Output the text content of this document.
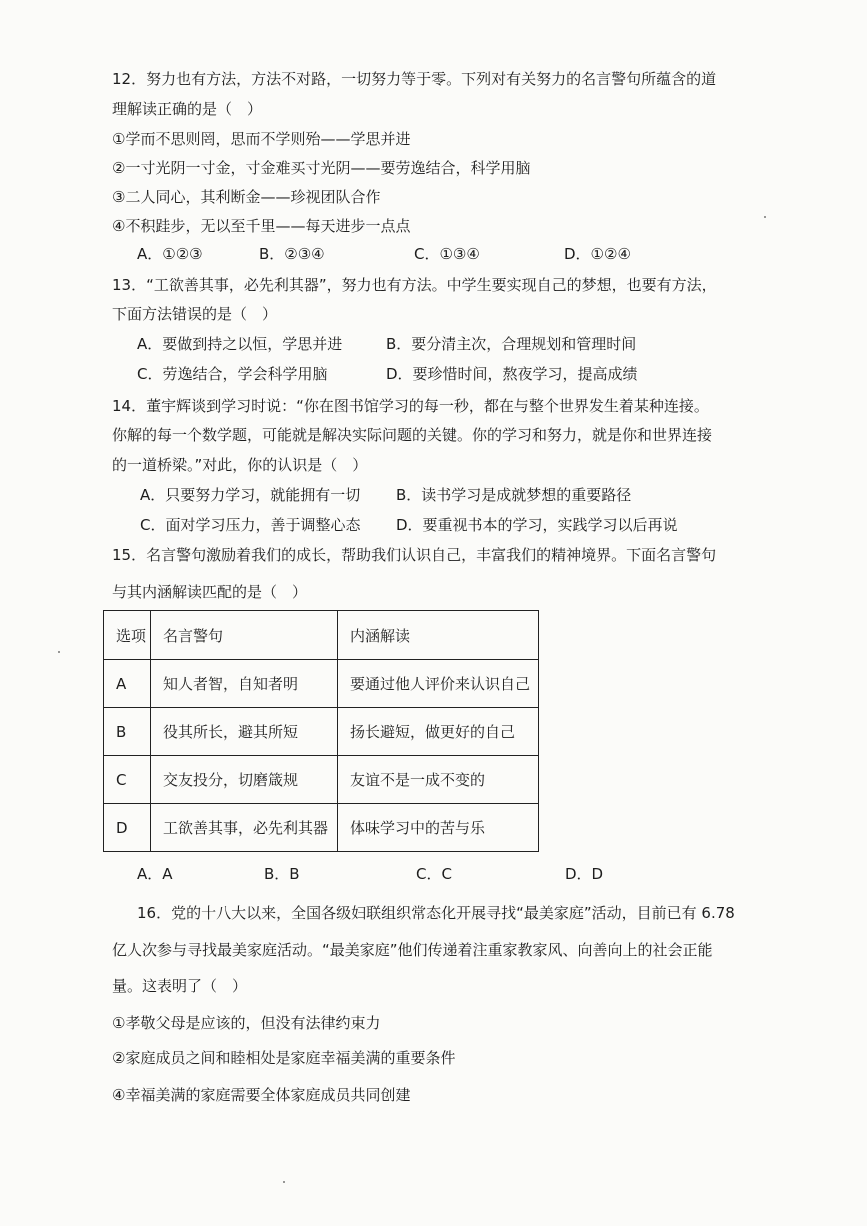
12．努力也有方法，方法不对路，一切努力等于零。下列对有关努力的名言警句所蕴含的道
理解读正确的是（　）
①学而不思则罔，思而不学则殆——学思并进
②一寸光阴一寸金，寸金难买寸光阴——要劳逸结合，科学用脑
③二人同心，其利断金——珍视团队合作
④不积跬步，无以至千里——每天进步一点点
A．①②③	B．②③④	C．①③④	D．①②④
13．“工欲善其事，必先利其器”，努力也有方法。中学生要实现自己的梦想，也要有方法，
下面方法错误的是（　）
A．要做到持之以恒，学思并进	B．要分清主次，合理规划和管理时间
C．劳逸结合，学会科学用脑	D．要珍惜时间，熬夜学习，提高成绩
14．董宇辉谈到学习时说：“你在图书馆学习的每一秒，都在与整个世界发生着某种连接。
你解的每一个数学题，可能就是解决实际问题的关键。你的学习和努力，就是你和世界连接
的一道桥梁。”对此，你的认识是（　）
A．只要努力学习，就能拥有一切 B．读书学习是成就梦想的重要路径
C．面对学习压力，善于调整心态 D．要重视书本的学习，实践学习以后再说
15．名言警句激励着我们的成长，帮助我们认识自己，丰富我们的精神境界。下面名言警句
与其内涵解读匹配的是（　）
选项	名言警句	内涵解读
A	知人者智，自知者明	要通过他人评价来认识自己
B	役其所长，避其所短	扬长避短，做更好的自己
C	交友投分，切磨箴规	友谊不是一成不变的
D	工欲善其事，必先利其器	体味学习中的苦与乐
A．A	B．B	C．C	D．D
16．党的十八大以来，全国各级妇联组织常态化开展寻找“最美家庭”活动，目前已有 6.78
亿人次参与寻找最美家庭活动。“最美家庭”他们传递着注重家教家风、向善向上的社会正能
量。这表明了（　）
①孝敬父母是应该的，但没有法律约束力
②家庭成员之间和睦相处是家庭幸福美满的重要条件
④幸福美满的家庭需要全体家庭成员共同创建
